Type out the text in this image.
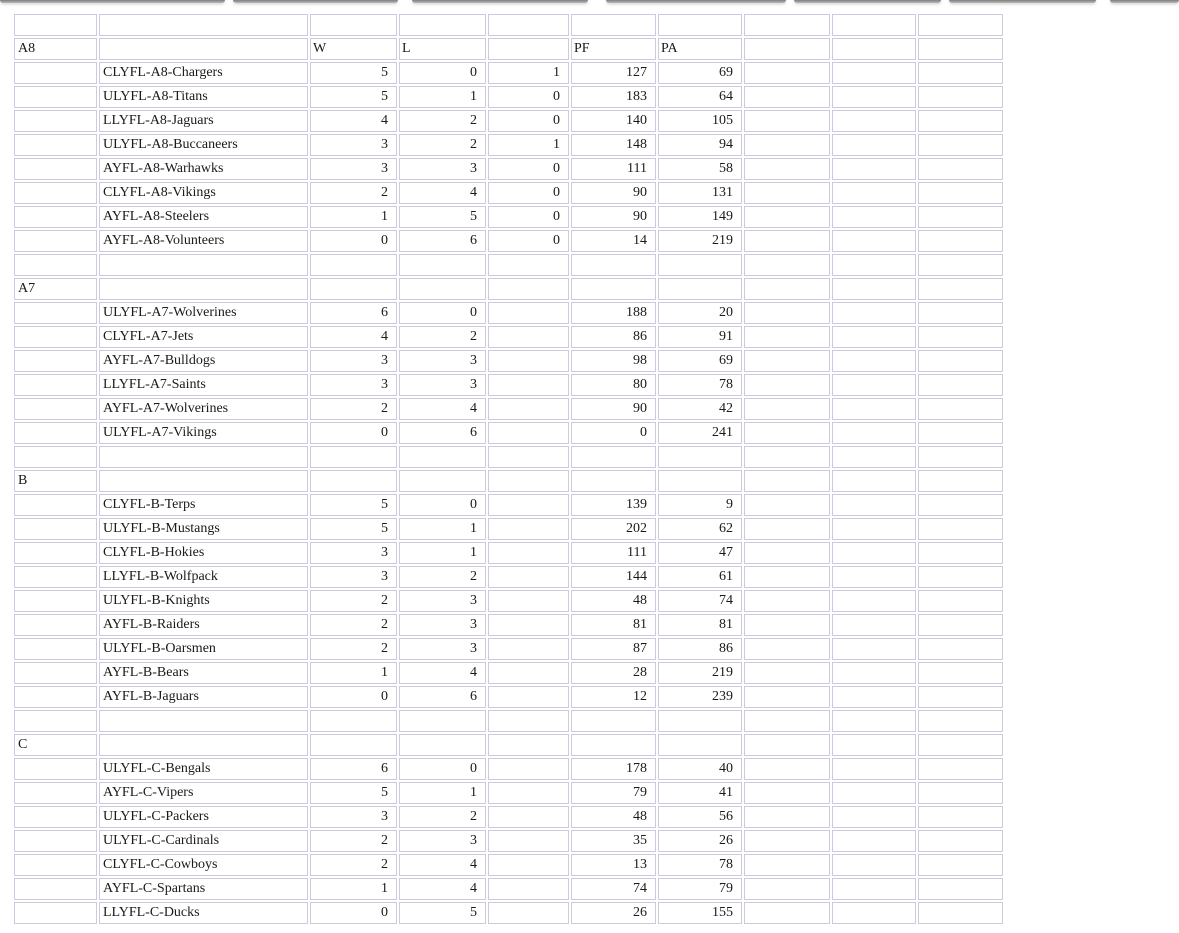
A8		W	L		PF	PA			
	CLYFL-A8-Chargers	5	0	1	127	69			
	ULYFL-A8-Titans	5	1	0	183	64			
	LLYFL-A8-Jaguars	4	2	0	140	105			
	ULYFL-A8-Buccaneers	3	2	1	148	94			
	AYFL-A8-Warhawks	3	3	0	111	58			
	CLYFL-A8-Vikings	2	4	0	90	131			
	AYFL-A8-Steelers	1	5	0	90	149			
	AYFL-A8-Volunteers	0	6	0	14	219			

A7									
	ULYFL-A7-Wolverines	6	0		188	20			
	CLYFL-A7-Jets	4	2		86	91			
	AYFL-A7-Bulldogs	3	3		98	69			
	LLYFL-A7-Saints	3	3		80	78			
	AYFL-A7-Wolverines	2	4		90	42			
	ULYFL-A7-Vikings	0	6		0	241			

B									
	CLYFL-B-Terps	5	0		139	9			
	ULYFL-B-Mustangs	5	1		202	62			
	CLYFL-B-Hokies	3	1		111	47			
	LLYFL-B-Wolfpack	3	2		144	61			
	ULYFL-B-Knights	2	3		48	74			
	AYFL-B-Raiders	2	3		81	81			
	ULYFL-B-Oarsmen	2	3		87	86			
	AYFL-B-Bears	1	4		28	219			
	AYFL-B-Jaguars	0	6		12	239			

C									
	ULYFL-C-Bengals	6	0		178	40			
	AYFL-C-Vipers	5	1		79	41			
	ULYFL-C-Packers	3	2		48	56			
	ULYFL-C-Cardinals	2	3		35	26			
	CLYFL-C-Cowboys	2	4		13	78			
	AYFL-C-Spartans	1	4		74	79			
	LLYFL-C-Ducks	0	5		26	155			
